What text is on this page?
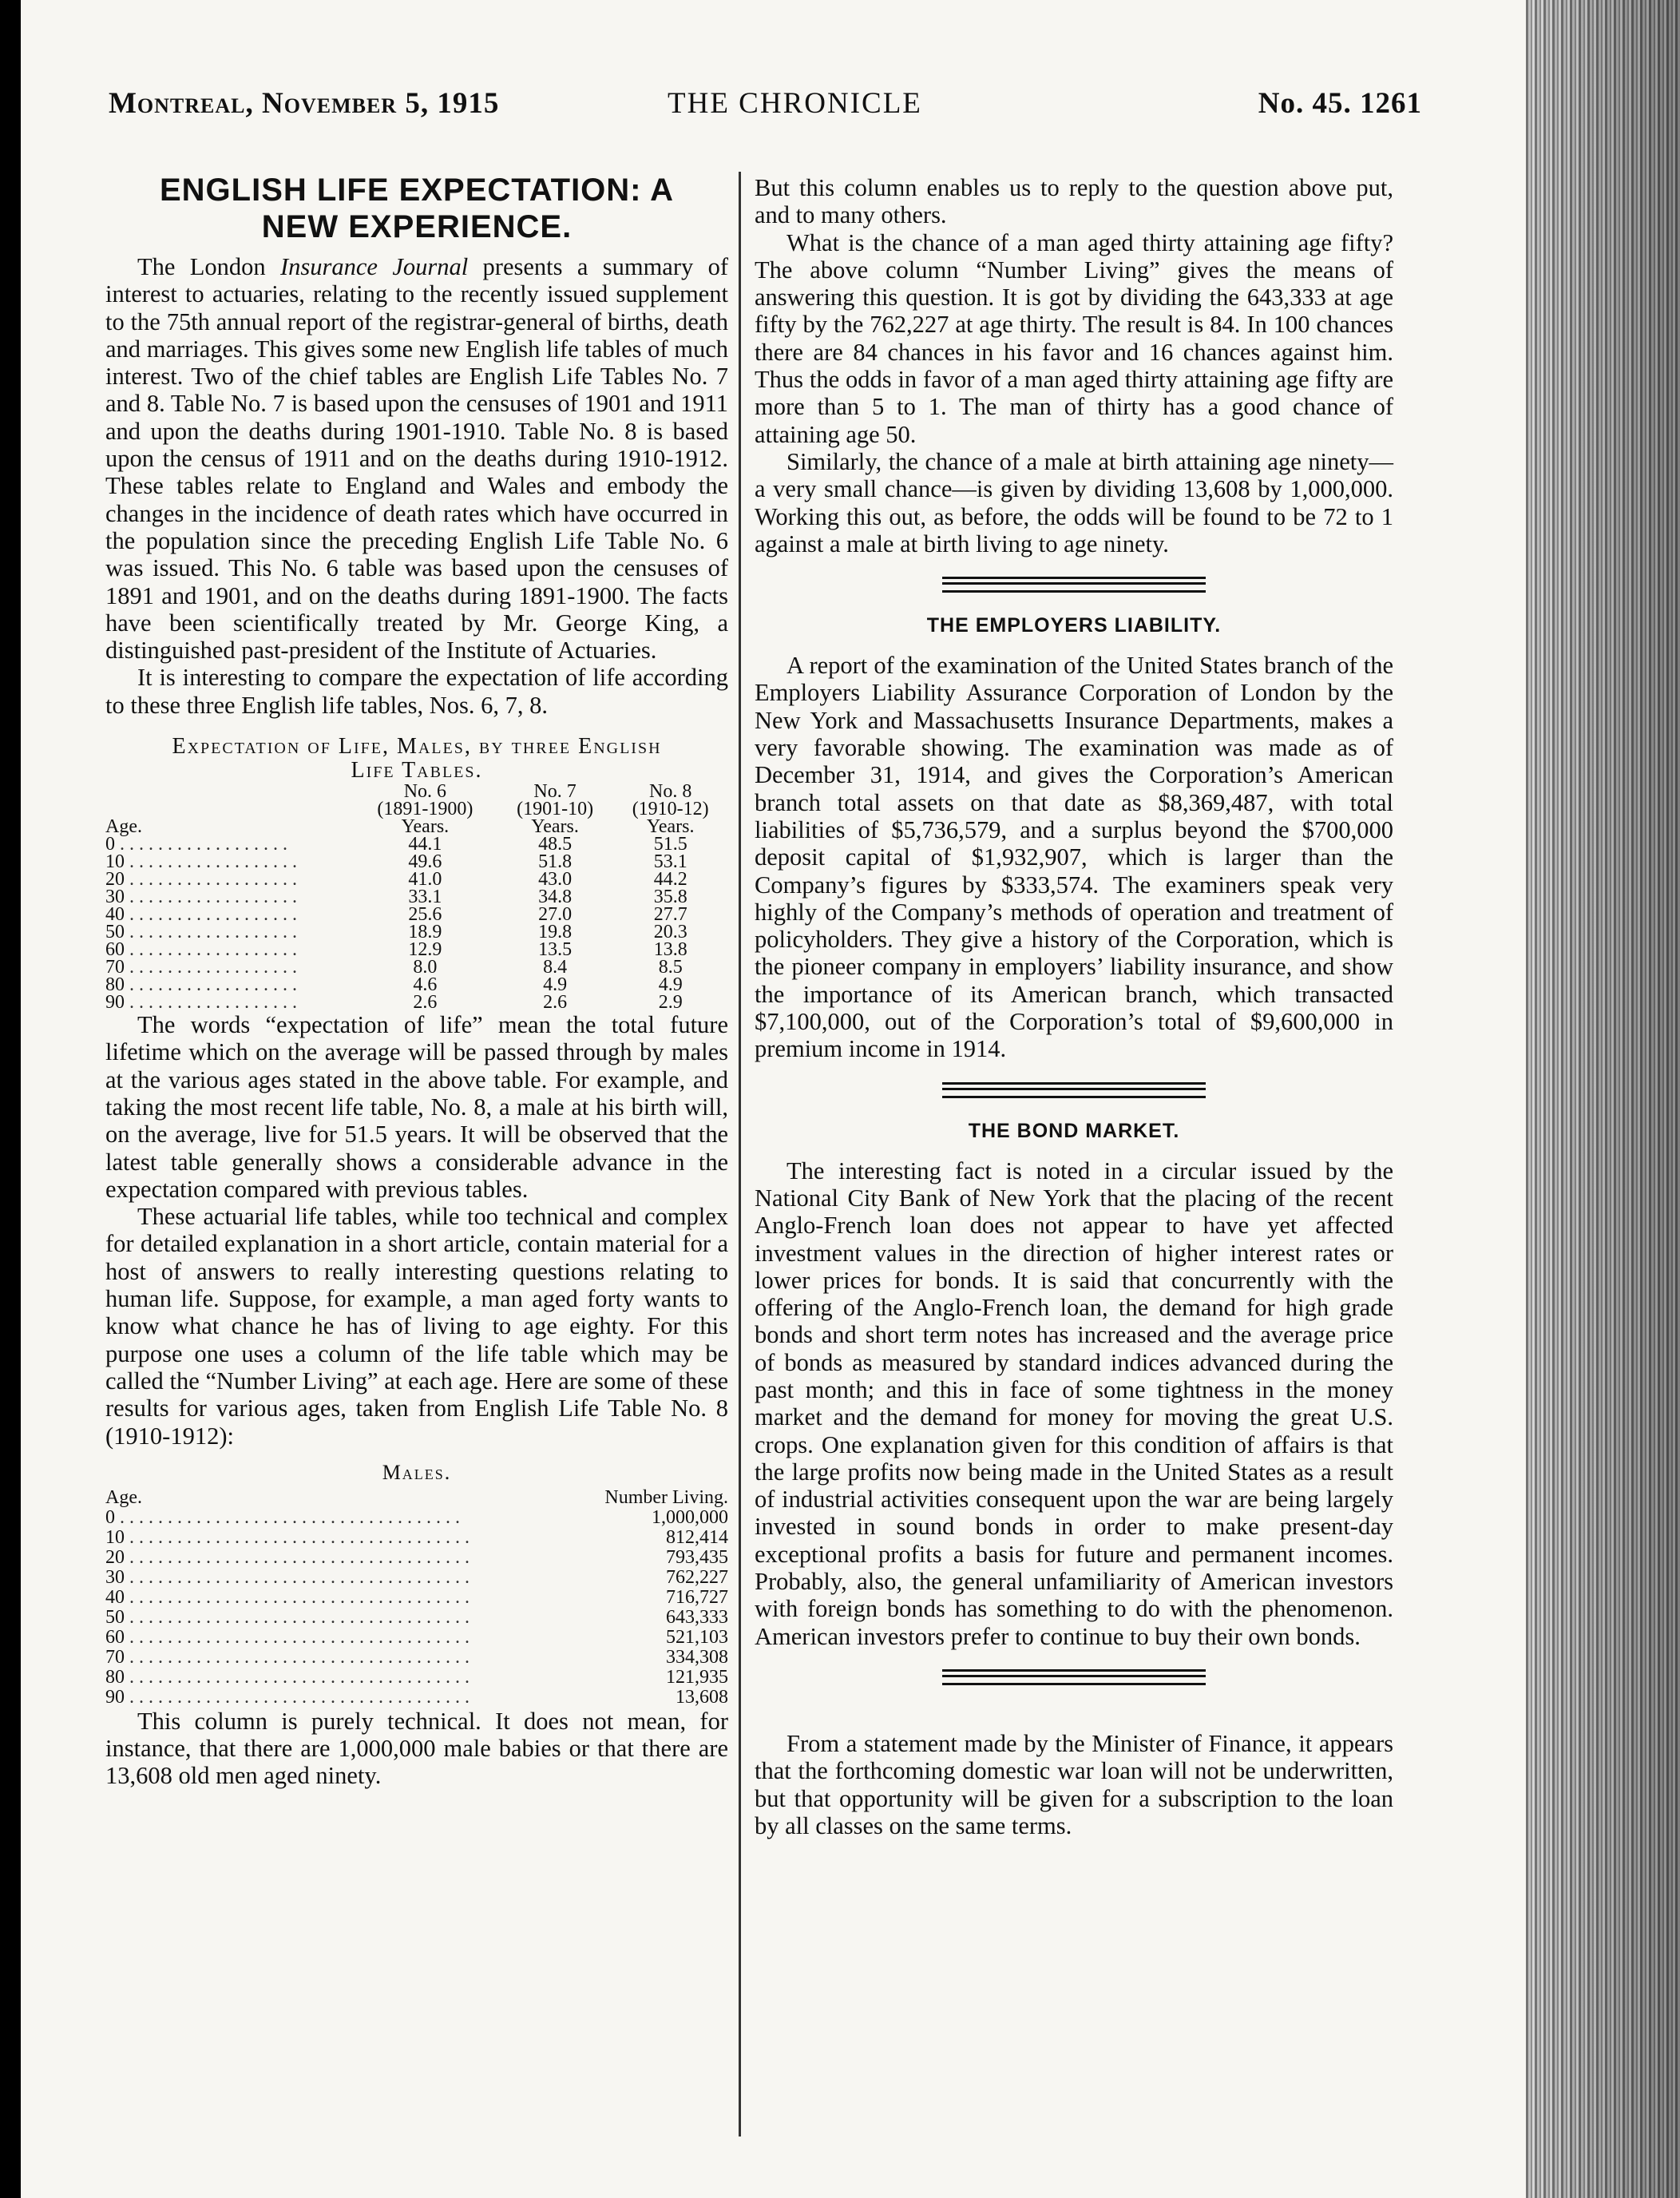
Montreal, November 5, 1915	THE CHRONICLE	No. 45. 1261
ENGLISH LIFE EXPECTATION: A
NEW EXPERIENCE.

The London Insurance Journal presents a summary of interest to actuaries, relating to the recently issued supplement to the 75th annual report of the registrar-general of births, death and marriages. This gives some new English life tables of much interest. Two of the chief tables are English Life Tables No. 7 and 8. Table No. 7 is based upon the censuses of 1901 and 1911 and upon the deaths during 1901-1910. Table No. 8 is based upon the census of 1911 and on the deaths during 1910-1912. These tables relate to England and Wales and embody the changes in the incidence of death rates which have occurred in the population since the preceding English Life Table No. 6 was issued. This No. 6 table was based upon the censuses of 1891 and 1901, and on the deaths during 1891-1900. The facts have been scientifically treated by Mr. George King, a distinguished past-president of the Institute of Actuaries.

It is interesting to compare the expectation of life according to these three English life tables, Nos. 6, 7, 8.

Expectation of Life, Males, by three English
Life Tables.
	No. 6	No. 7	No. 8
	(1891-1900)	(1901-10)	(1910-12)
Age.	Years.	Years.	Years.
0 . . . . . . . . . . . . . . . . . .	44.1	48.5	51.5
10 . . . . . . . . . . . . . . . . . .	49.6	51.8	53.1
20 . . . . . . . . . . . . . . . . . .	41.0	43.0	44.2
30 . . . . . . . . . . . . . . . . . .	33.1	34.8	35.8
40 . . . . . . . . . . . . . . . . . .	25.6	27.0	27.7
50 . . . . . . . . . . . . . . . . . .	18.9	19.8	20.3
60 . . . . . . . . . . . . . . . . . .	12.9	13.5	13.8
70 . . . . . . . . . . . . . . . . . .	8.0	8.4	8.5
80 . . . . . . . . . . . . . . . . . .	4.6	4.9	4.9
90 . . . . . . . . . . . . . . . . . .	2.6	2.6	2.9

The words “expectation of life” mean the total future lifetime which on the average will be passed through by males at the various ages stated in the above table. For example, and taking the most recent life table, No. 8, a male at his birth will, on the average, live for 51.5 years. It will be observed that the latest table generally shows a considerable advance in the expectation compared with previous tables.

These actuarial life tables, while too technical and complex for detailed explanation in a short article, contain material for a host of answers to really interesting questions relating to human life. Suppose, for example, a man aged forty wants to know what chance he has of living to age eighty. For this purpose one uses a column of the life table which may be called the “Number Living” at each age. Here are some of these results for various ages, taken from English Life Table No. 8 (1910-1912):

Males.
Age.	Number Living.
0 . . . . . . . . . . . . . . . . . . . . . . . . . . . . . . . . . . . .	1,000,000
10 . . . . . . . . . . . . . . . . . . . . . . . . . . . . . . . . . . . .	812,414
20 . . . . . . . . . . . . . . . . . . . . . . . . . . . . . . . . . . . .	793,435
30 . . . . . . . . . . . . . . . . . . . . . . . . . . . . . . . . . . . .	762,227
40 . . . . . . . . . . . . . . . . . . . . . . . . . . . . . . . . . . . .	716,727
50 . . . . . . . . . . . . . . . . . . . . . . . . . . . . . . . . . . . .	643,333
60 . . . . . . . . . . . . . . . . . . . . . . . . . . . . . . . . . . . .	521,103
70 . . . . . . . . . . . . . . . . . . . . . . . . . . . . . . . . . . . .	334,308
80 . . . . . . . . . . . . . . . . . . . . . . . . . . . . . . . . . . . .	121,935
90 . . . . . . . . . . . . . . . . . . . . . . . . . . . . . . . . . . . .	13,608

This column is purely technical. It does not mean, for instance, that there are 1,000,000 male babies or that there are 13,608 old men aged ninety.

But this column enables us to reply to the question above put, and to many others.

What is the chance of a man aged thirty attaining age fifty? The above column “Number Living” gives the means of answering this question. It is got by dividing the 643,333 at age fifty by the 762,227 at age thirty. The result is 84. In 100 chances there are 84 chances in his favor and 16 chances against him. Thus the odds in favor of a man aged thirty attaining age fifty are more than 5 to 1. The man of thirty has a good chance of attaining age 50.

Similarly, the chance of a male at birth attaining age ninety—a very small chance—is given by dividing 13,608 by 1,000,000. Working this out, as before, the odds will be found to be 72 to 1 against a male at birth living to age ninety.

THE EMPLOYERS LIABILITY.

A report of the examination of the United States branch of the Employers Liability Assurance Corporation of London by the New York and Massachusetts Insurance Departments, makes a very favorable showing. The examination was made as of December 31, 1914, and gives the Corporation’s American branch total assets on that date as $8,369,487, with total liabilities of $5,736,579, and a surplus beyond the $700,000 deposit capital of $1,932,907, which is larger than the Company’s figures by $333,574. The examiners speak very highly of the Company’s methods of operation and treatment of policyholders. They give a history of the Corporation, which is the pioneer company in employers’ liability insurance, and show the importance of its American branch, which transacted $7,100,000, out of the Corporation’s total of $9,600,000 in premium income in 1914.

THE BOND MARKET.

The interesting fact is noted in a circular issued by the National City Bank of New York that the placing of the recent Anglo-French loan does not appear to have yet affected investment values in the direction of higher interest rates or lower prices for bonds. It is said that concurrently with the offering of the Anglo-French loan, the demand for high grade bonds and short term notes has increased and the average price of bonds as measured by standard indices advanced during the past month; and this in face of some tightness in the money market and the demand for money for moving the great U.S. crops. One explanation given for this condition of affairs is that the large profits now being made in the United States as a result of industrial activities consequent upon the war are being largely invested in sound bonds in order to make present-day exceptional profits a basis for future and permanent incomes. Probably, also, the general unfamiliarity of American investors with foreign bonds has something to do with the phenomenon. American investors prefer to continue to buy their own bonds.

From a statement made by the Minister of Finance, it appears that the forthcoming domestic war loan will not be underwritten, but that opportunity will be given for a subscription to the loan by all classes on the same terms.
